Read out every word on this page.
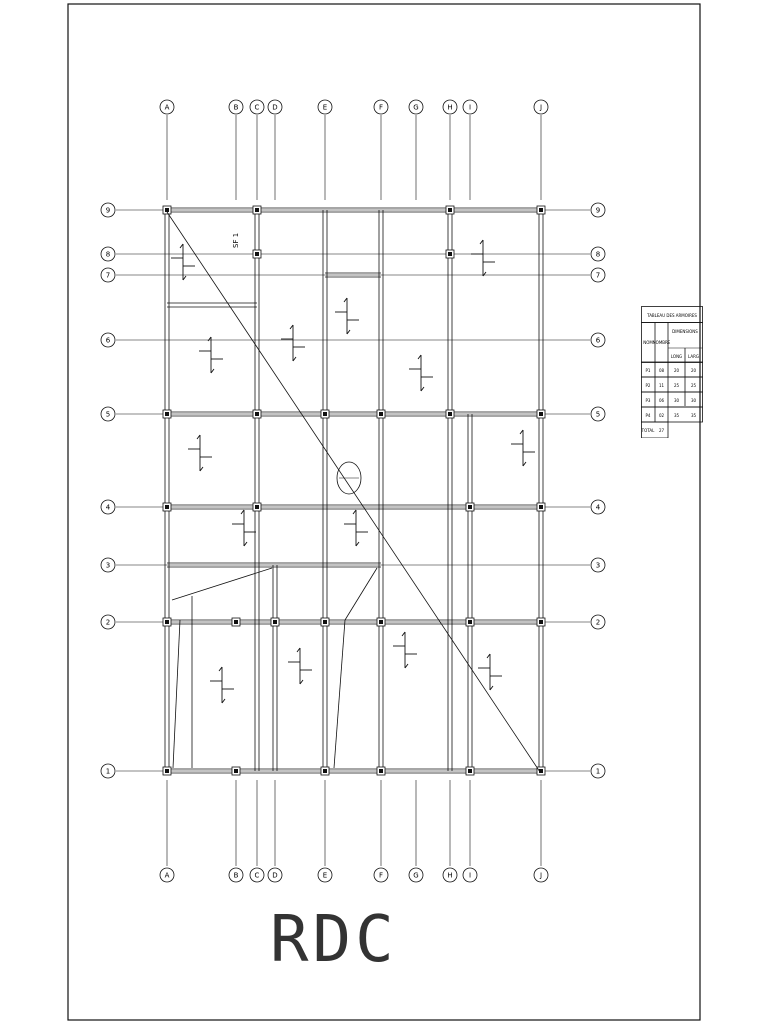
A
A
B
B
C
C
D
D
E
E
F
F
G
G
H
H
I
I
J
J
9	9
8	8
7	7
6	6
5	5
4	4
3	3
2	2
1	1
SF 1
TABLEAU DES ARMOIRES
NOM NOMBRE
DIMENSIONS
LONG LARG
P1 08 20	20
P2 11 25	25
P3 06 30	30
P4 02 35	35
TOTAL 27
RDC
